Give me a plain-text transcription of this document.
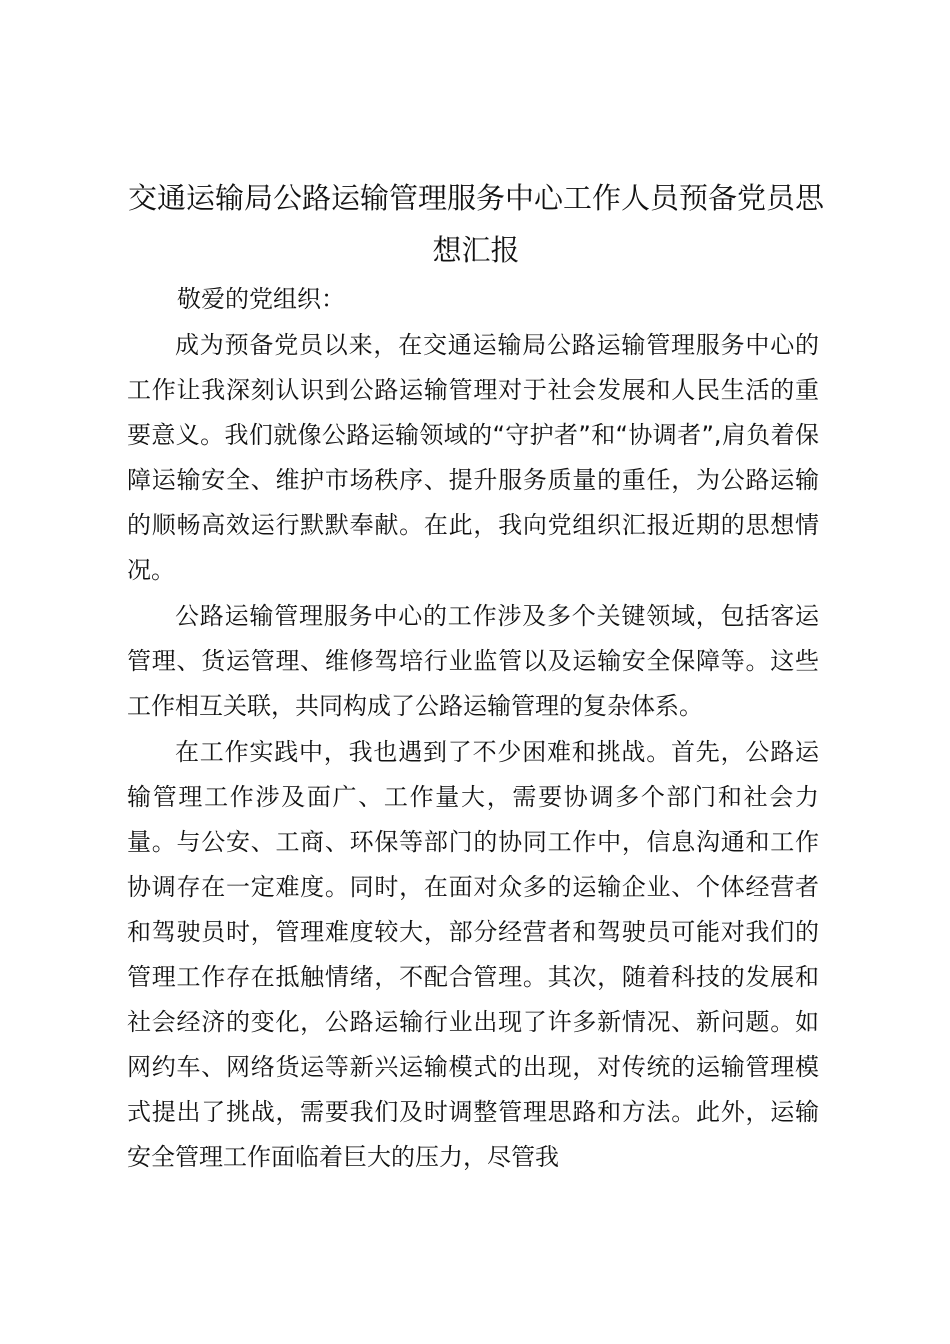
交通运输局公路运输管理服务中心工作人员预备党员思想汇报

敬爱的党组织：

成为预备党员以来，在交通运输局公路运输管理服务中心的工作让我深刻认识到公路运输管理对于社会发展和人民生活的重要意义。我们就像公路运输领域的“守护者”和“协调者”,肩负着保障运输安全、维护市场秩序、提升服务质量的重任，为公路运输的顺畅高效运行默默奉献。在此，我向党组织汇报近期的思想情况。

公路运输管理服务中心的工作涉及多个关键领域，包括客运管理、货运管理、维修驾培行业监管以及运输安全保障等。这些工作相互关联，共同构成了公路运输管理的复杂体系。

在工作实践中，我也遇到了不少困难和挑战。首先，公路运输管理工作涉及面广、工作量大，需要协调多个部门和社会力量。与公安、工商、环保等部门的协同工作中，信息沟通和工作协调存在一定难度。同时，在面对众多的运输企业、个体经营者和驾驶员时，管理难度较大，部分经营者和驾驶员可能对我们的管理工作存在抵触情绪，不配合管理。其次，随着科技的发展和社会经济的变化，公路运输行业出现了许多新情况、新问题。如网约车、网络货运等新兴运输模式的出现，对传统的运输管理模式提出了挑战，需要我们及时调整管理思路和方法。此外，运输安全管理工作面临着巨大的压力，尽管我
